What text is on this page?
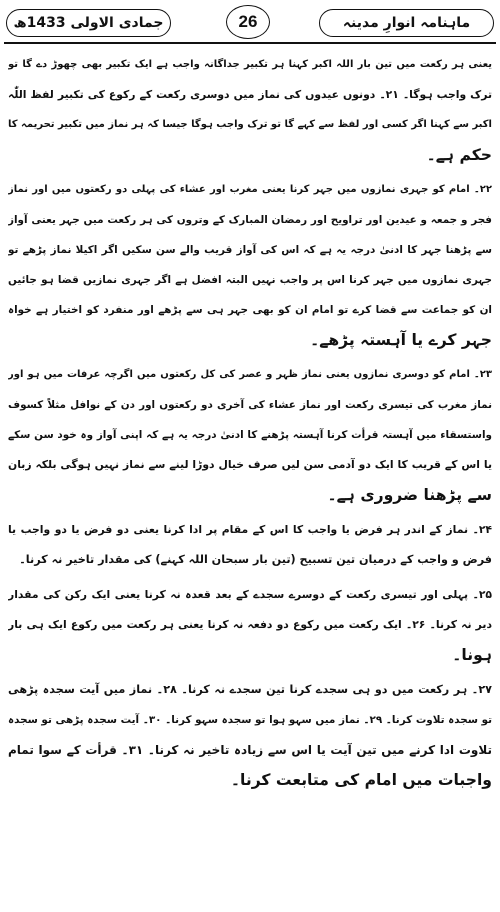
جمادی الاولی 1433ھ	26	ماہنامہ انوارِ مدینہ
یعنی ہر رکعت میں تین بار اللہ اکبر کہنا ہر تکبیر جداگانہ واجب ہے ایک تکبیر بھی چھوڑ دے گا تو
ترک واجب ہوگا۔ ۲۱۔ دونوں عیدوں کی نماز میں دوسری رکعت کے رکوع کی تکبیر لفظ اللّٰہ
اکبر سے کہنا اگر کسی اور لفظ سے کہے گا تو ترک واجب ہوگا جیسا کہ ہر نماز میں تکبیر تحریمہ کا
حکم ہے۔
۲۲۔ امام کو جہری نمازوں میں جہر کرنا یعنی مغرب اور عشاء کی پہلی دو رکعتوں میں اور نماز
فجر و جمعہ و عیدین اور تراویح اور رمضان المبارک کے وتروں کی ہر رکعت میں جہر یعنی آواز
سے پڑھنا جہر کا ادنیٰ درجہ یہ ہے کہ اس کی آواز قریب والے سن سکیں اگر اکیلا نماز پڑھے تو
جہری نمازوں میں جہر کرنا اس پر واجب نہیں البتہ افضل ہے اگر جہری نمازیں قضا ہو جائیں
ان کو جماعت سے قضا کرے تو امام ان کو بھی جہر ہی سے پڑھے اور منفرد کو اختیار ہے خواہ
جہر کرے یا آہستہ پڑھے۔
۲۳۔ امام کو دوسری نمازوں یعنی نماز ظہر و عصر کی کل رکعتوں میں اگرچہ عرفات میں ہو اور
نماز مغرب کی تیسری رکعت اور نماز عشاء کی آخری دو رکعتوں اور دن کے نوافل مثلاً کسوف
واستسقاء میں آہستہ قرأت کرنا آہستہ پڑھنے کا ادنیٰ درجہ یہ ہے کہ اپنی آواز وہ خود سن سکے
یا اس کے قریب کا ایک دو آدمی سن لیں صرف خیال دوڑا لینے سے نماز نہیں ہوگی بلکہ زبان
سے پڑھنا ضروری ہے۔
۲۴۔ نماز کے اندر ہر فرض یا واجب کا اس کے مقام پر ادا کرنا یعنی دو فرض یا دو واجب یا
فرض و واجب کے درمیان تین تسبیح (تین بار سبحان اللہ کہنے) کی مقدار تاخیر نہ کرنا۔
۲۵۔ پہلی اور تیسری رکعت کے دوسرے سجدے کے بعد قعدہ نہ کرنا یعنی ایک رکن کی مقدار
دیر نہ کرنا۔ ۲۶۔ ایک رکعت میں رکوع دو دفعہ نہ کرنا یعنی ہر رکعت میں رکوع ایک ہی بار
ہونا۔
۲۷۔ ہر رکعت میں دو ہی سجدے کرنا تین سجدے نہ کرنا۔ ۲۸۔ نماز میں آیت سجدہ پڑھی
تو سجدہ تلاوت کرنا۔ ۲۹۔ نماز میں سہو ہوا تو سجدہ سہو کرنا۔ ۳۰۔ آیت سجدہ پڑھی تو سجدہ
تلاوت ادا کرنے میں تین آیت یا اس سے زیادہ تاخیر نہ کرنا۔ ۳۱۔ قرأت کے سوا تمام
واجبات میں امام کی متابعت کرنا۔
